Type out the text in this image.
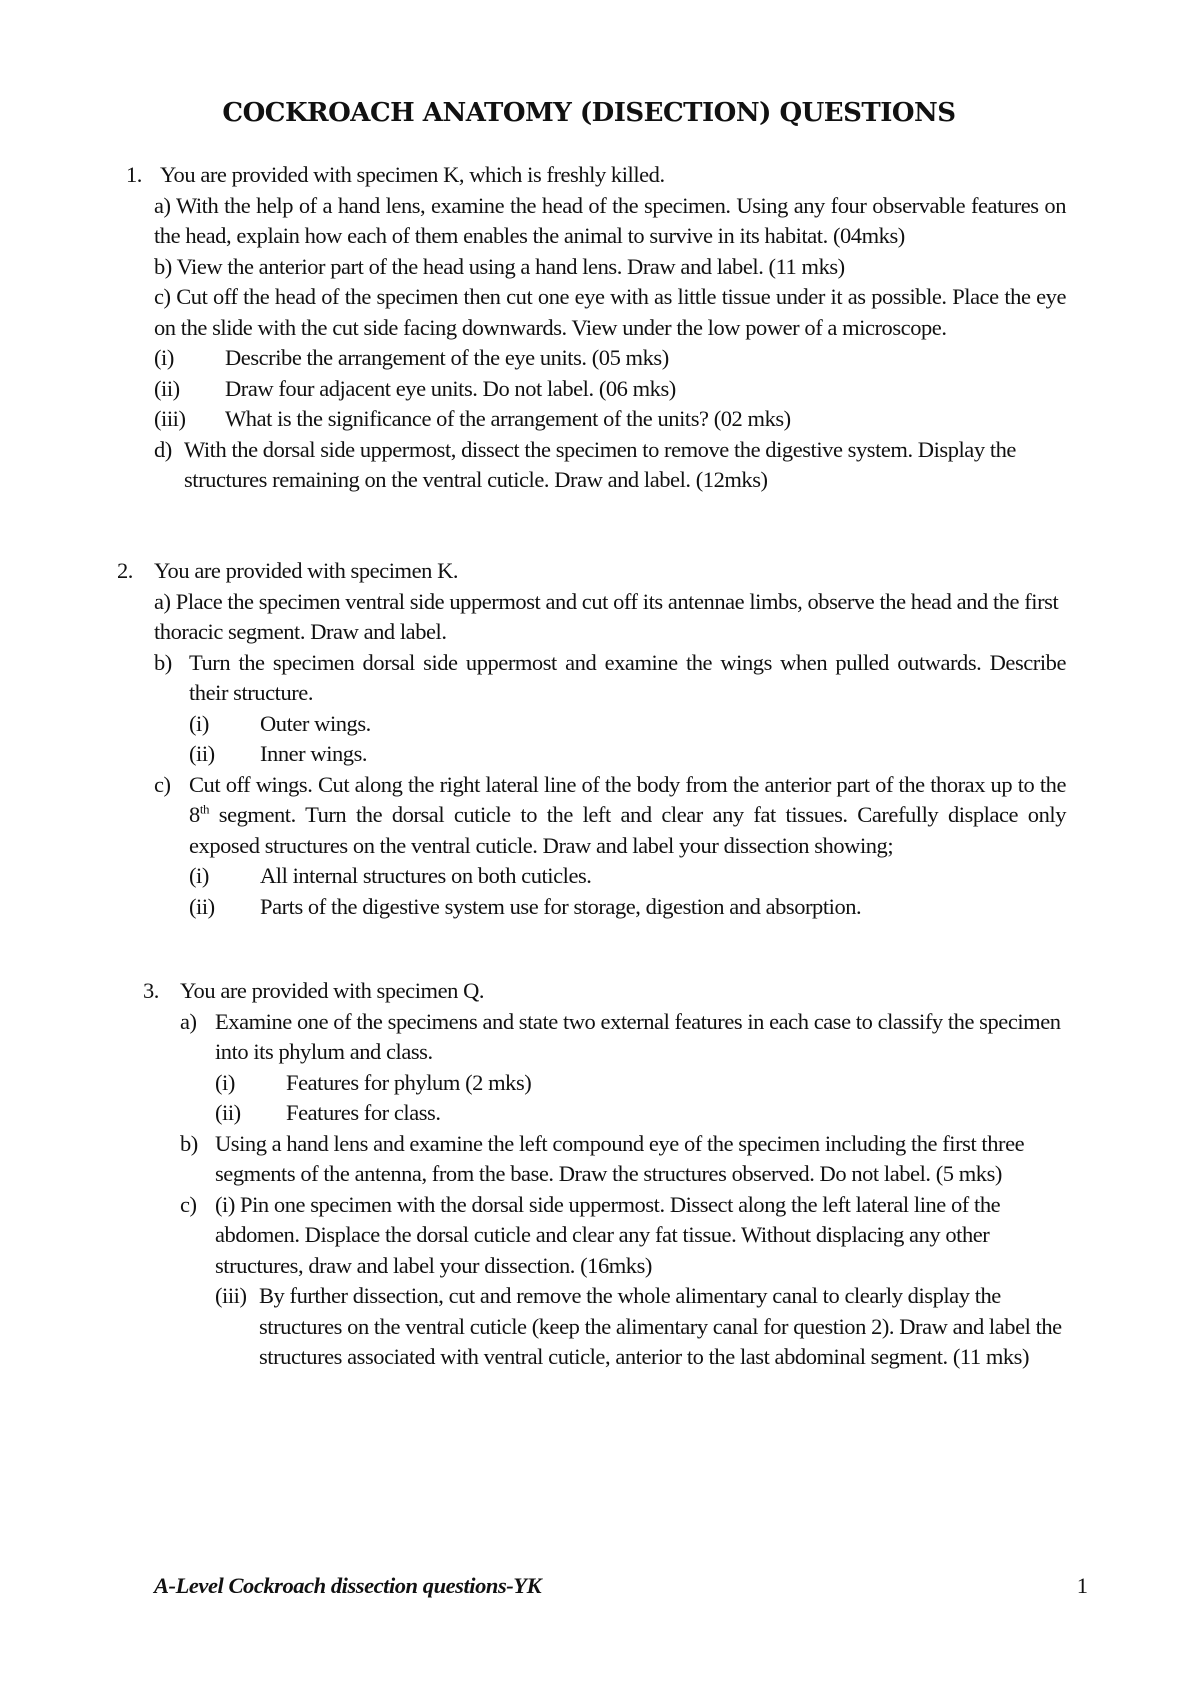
COCKROACH ANATOMY (DISECTION) QUESTIONS
1. You are provided with specimen K, which is freshly killed.

a) With the help of a hand lens, examine the head of the specimen. Using any four observable features on the head, explain how each of them enables the animal to survive in its habitat. (04mks)

b) View the anterior part of the head using a hand lens. Draw and label. (11 mks)

c) Cut off the head of the specimen then cut one eye with as little tissue under it as possible. Place the eye on the slide with the cut side facing downwards. View under the low power of a microscope.

(i)	Describe the arrangement of the eye units. (05 mks)
(ii)	Draw four adjacent eye units. Do not label. (06 mks)
(iii)	What is the significance of the arrangement of the units? (02 mks)
d) With the dorsal side uppermost, dissect the specimen to remove the digestive system. Display the structures remaining on the ventral cuticle. Draw and label. (12mks)
2. You are provided with specimen K.

a) Place the specimen ventral side uppermost and cut off its antennae limbs, observe the head and the first thoracic segment. Draw and label.

b) Turn the specimen dorsal side uppermost and examine the wings when pulled outwards. Describe their structure.
(i)	Outer wings.
(ii)	Inner wings.
c) Cut off wings. Cut along the right lateral line of the body from the anterior part of the thorax up to the 8th segment. Turn the dorsal cuticle to the left and clear any fat tissues. Carefully displace only exposed structures on the ventral cuticle. Draw and label your dissection showing;
(i)	All internal structures on both cuticles.
(ii)	Parts of the digestive system use for storage, digestion and absorption.
3. You are provided with specimen Q.
a) Examine one of the specimens and state two external features in each case to classify the specimen into its phylum and class.
(i)	Features for phylum (2 mks)
(ii)	Features for class.
b) Using a hand lens and examine the left compound eye of the specimen including the first three segments of the antenna, from the base. Draw the structures observed. Do not label. (5 mks)
c) (i) Pin one specimen with the dorsal side uppermost. Dissect along the left lateral line of the abdomen. Displace the dorsal cuticle and clear any fat tissue. Without displacing any other structures, draw and label your dissection. (16mks)
(iii) By further dissection, cut and remove the whole alimentary canal to clearly display the structures on the ventral cuticle (keep the alimentary canal for question 2). Draw and label the structures associated with ventral cuticle, anterior to the last abdominal segment. (11 mks)
A-Level Cockroach dissection questions-YK	1
